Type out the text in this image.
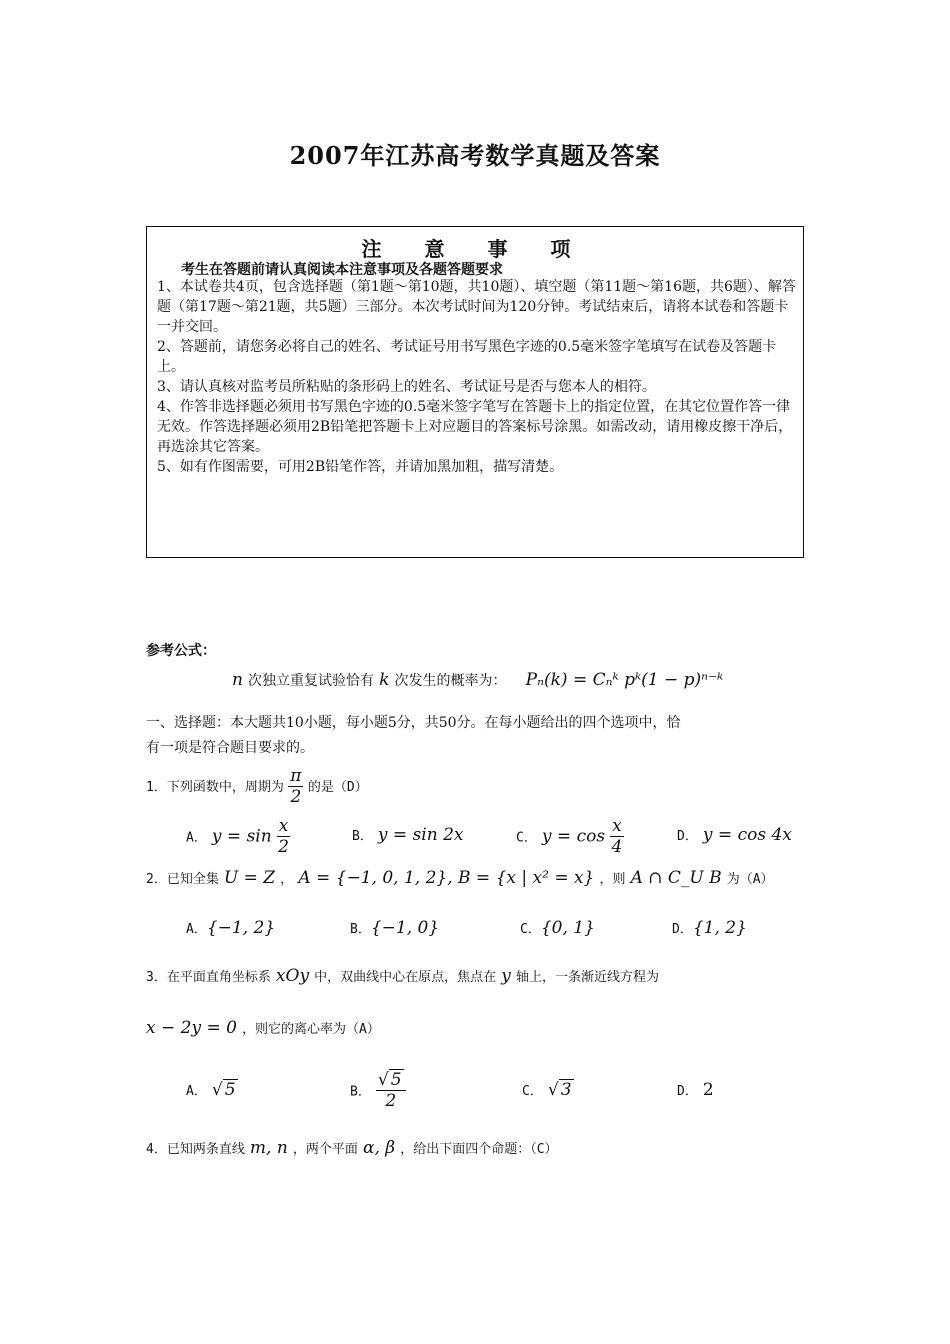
2007年江苏高考数学真题及答案
注 意 事 项
考生在答题前请认真阅读本注意事项及各题答题要求
1、本试卷共4页，包含选择题（第1题～第10题，共10题）、填空题（第11题～第16题，共6题）、解答题（第17题～第21题，共5题）三部分。本次考试时间为120分钟。考试结束后，请将本试卷和答题卡一并交回。
2、答题前，请您务必将自己的姓名、考试证号用书写黑色字迹的0.5毫米签字笔填写在试卷及答题卡上。
3、请认真核对监考员所粘贴的条形码上的姓名、考试证号是否与您本人的相符。
4、作答非选择题必须用书写黑色字迹的0.5毫米签字笔写在答题卡上的指定位置，在其它位置作答一律无效。作答选择题必须用2B铅笔把答题卡上对应题目的答案标号涂黑。如需改动，请用橡皮擦干净后，再选涂其它答案。
5、如有作图需要，可用2B铅笔作答，并请加黑加粗，描写清楚。
参考公式：
n 次独立重复试验恰有 k 次发生的概率为： Pₙ(k) = Cₙᵏ pᵏ(1 − p)ⁿ⁻ᵏ
一、选择题：本大题共10小题，每小题5分，共50分。在每小题给出的四个选项中，恰
有一项是符合题目要求的。
1．下列函数中，周期为 $\frac{\pi}{2}$ 的是（D）
A． $y = \sin \frac{x}{2}$	B． y = sin 2x	C． $y = \cos \frac{x}{4}$	D． y = cos 4x
2．已知全集 U = Z ， A = {−1, 0, 1, 2}, B = {x | x² = x} ，则 A ∩ C_U B 为（A）
A．{−1, 2}	B．{−1, 0}	C．{0, 1}	D．{1, 2}
3．在平面直角坐标系 xOy 中，双曲线中心在原点，焦点在 y 轴上，一条渐近线方程为
x − 2y = 0 ，则它的离心率为（A）
A． √ 5	B． $\frac{√ 5}{2}$	C． √ 3	D． 2
4．已知两条直线 m, n ，两个平面 α, β ，给出下面四个命题：（C）
